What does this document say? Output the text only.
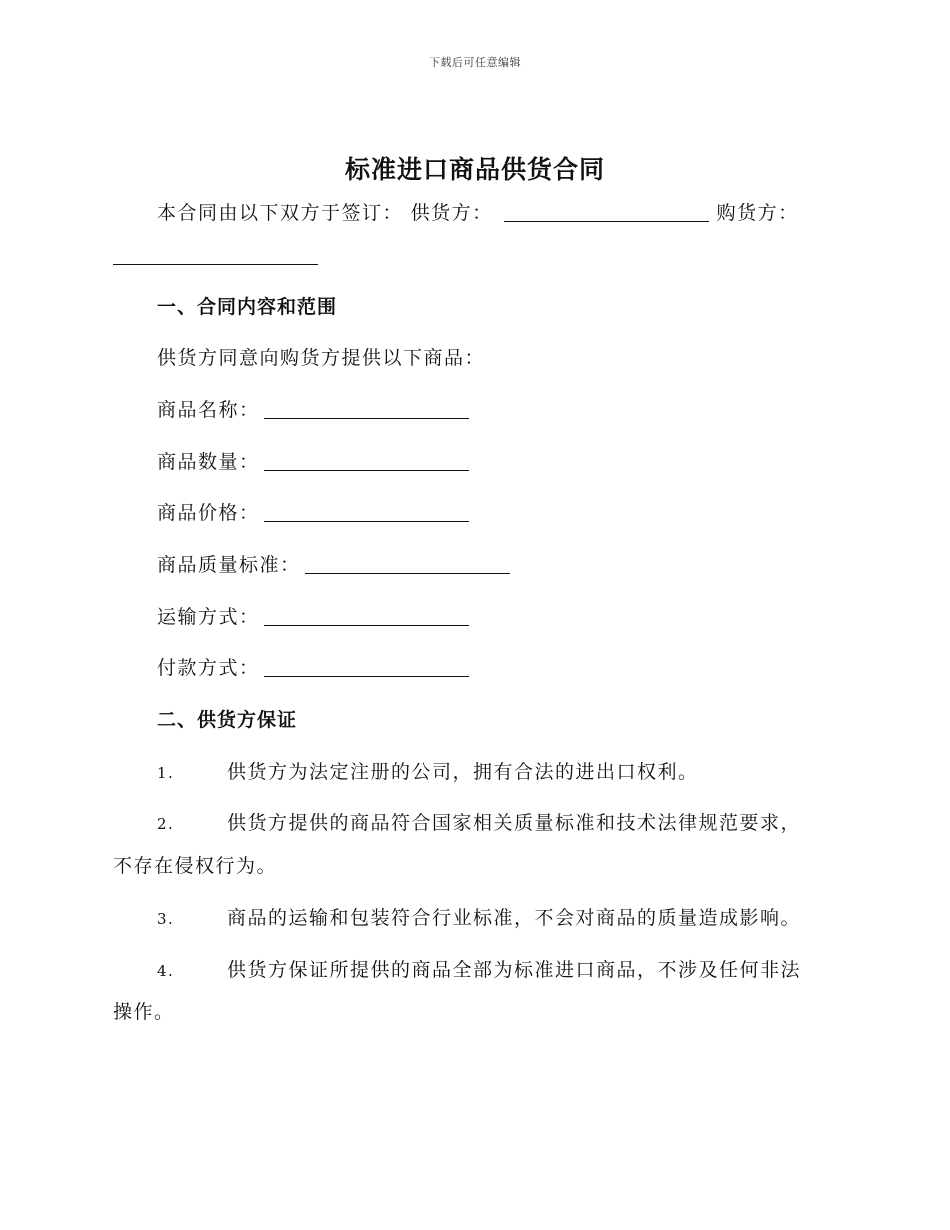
下载后可任意编辑
标准进口商品供货合同
本合同由以下双方于签订： 供货方：	购货方：
一、合同内容和范围
供货方同意向购货方提供以下商品：
商品名称：
商品数量：
商品价格：
商品质量标准：
运输方式：
付款方式：
二、供货方保证
1.	供货方为法定注册的公司，拥有合法的进出口权利。
2.	供货方提供的商品符合国家相关质量标准和技术法律规范要求，
不存在侵权行为。
3.	商品的运输和包装符合行业标准，不会对商品的质量造成影响。
4.	供货方保证所提供的商品全部为标准进口商品，不涉及任何非法
操作。
